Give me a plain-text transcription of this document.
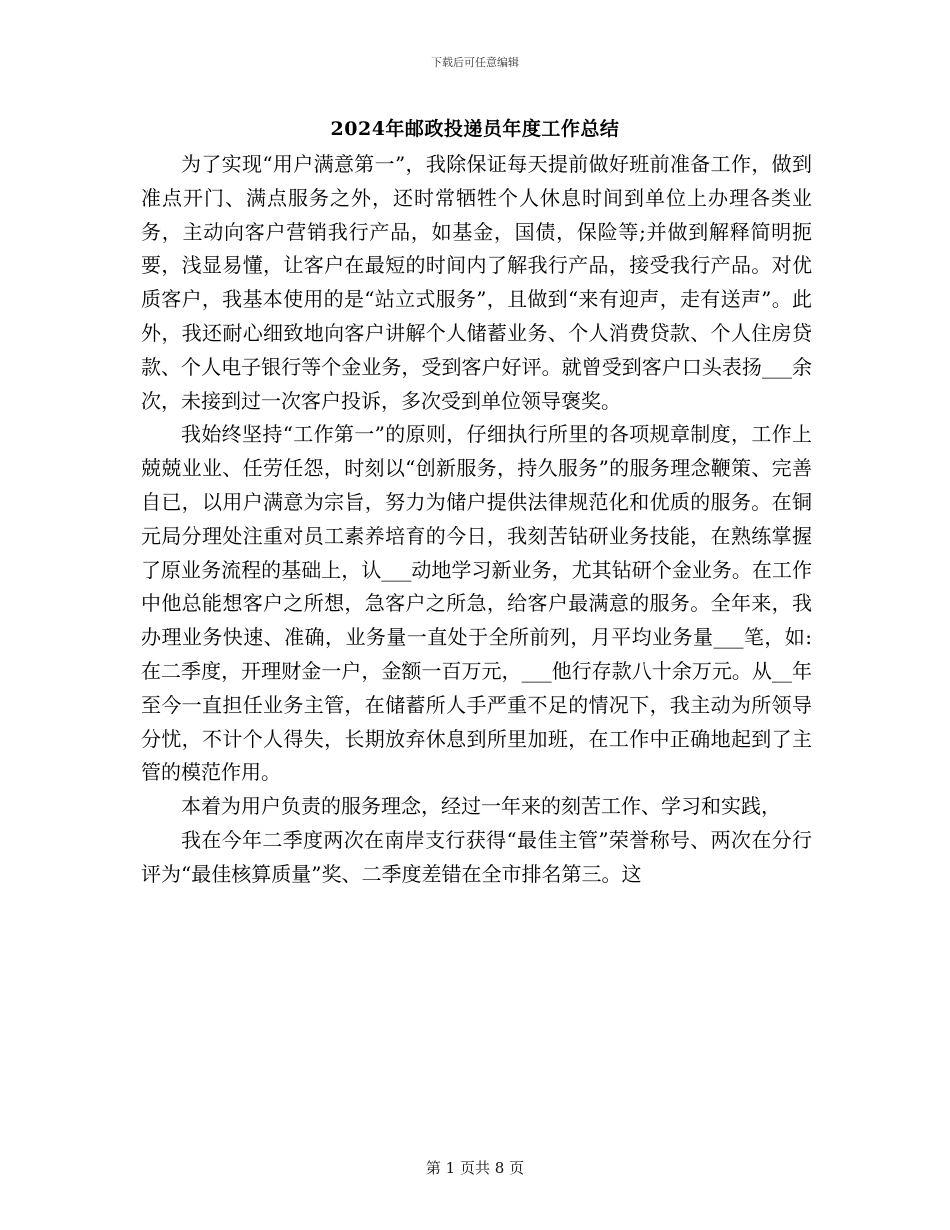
下载后可任意编辑
2024年邮政投递员年度工作总结

为了实现“用户满意第一”，我除保证每天提前做好班前准备工作，做到准点开门、满点服务之外，还时常牺牲个人休息时间到单位上办理各类业务，主动向客户营销我行产品，如基金，国债，保险等;并做到解释简明扼要，浅显易懂，让客户在最短的时间内了解我行产品，接受我行产品。对优质客户，我基本使用的是“站立式服务”，且做到“来有迎声，走有送声”。此外，我还耐心细致地向客户讲解个人储蓄业务、个人消费贷款、个人住房贷款、个人电子银行等个金业务，受到客户好评。就曾受到客户口头表扬___余次，未接到过一次客户投诉，多次受到单位领导褒奖。

我始终坚持“工作第一”的原则，仔细执行所里的各项规章制度，工作上兢兢业业、任劳任怨，时刻以“创新服务，持久服务”的服务理念鞭策、完善自已，以用户满意为宗旨，努力为储户提供法律规范化和优质的服务。在铜元局分理处注重对员工素养培育的今日，我刻苦钻研业务技能，在熟练掌握了原业务流程的基础上，认___动地学习新业务，尤其钻研个金业务。在工作中他总能想客户之所想，急客户之所急，给客户最满意的服务。全年来，我办理业务快速、准确，业务量一直处于全所前列，月平均业务量___笔，如:在二季度，开理财金一户，金额一百万元，___他行存款八十余万元。从__年至今一直担任业务主管，在储蓄所人手严重不足的情况下，我主动为所领导分忧，不计个人得失，长期放弃休息到所里加班，在工作中正确地起到了主管的模范作用。

本着为用户负责的服务理念，经过一年来的刻苦工作、学习和实践，

我在今年二季度两次在南岸支行获得“最佳主管”荣誉称号、两次在分行评为“最佳核算质量”奖、二季度差错在全市排名第三。这

第 1 页共 8 页
